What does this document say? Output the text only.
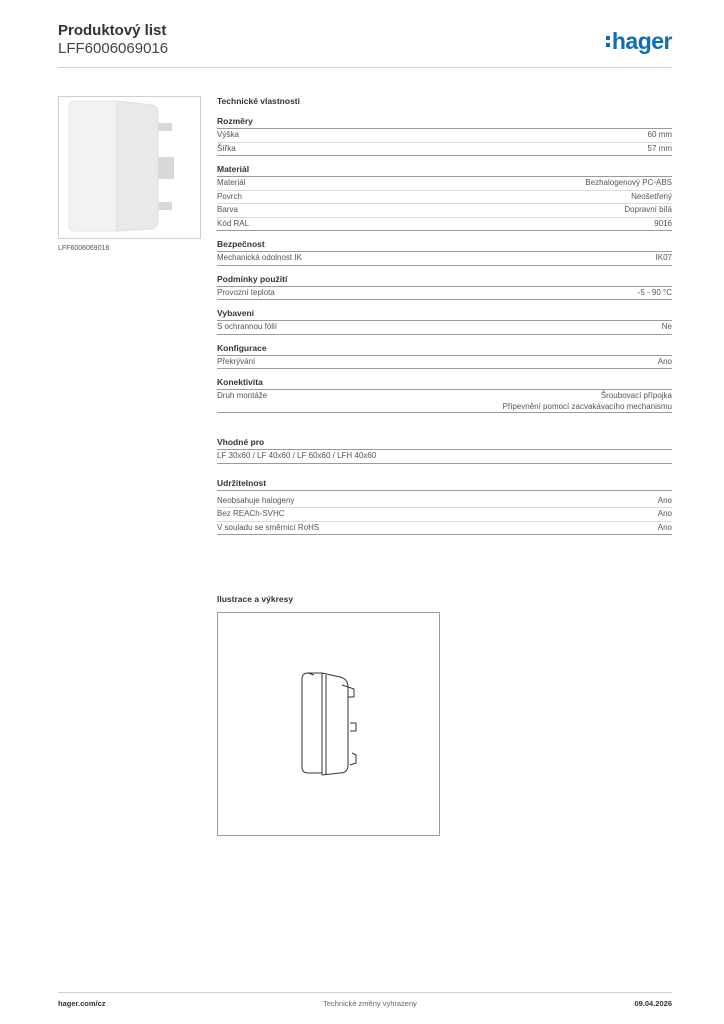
Produktový list
LFF6006069016	hager
LFF6006069016
Technické vlastnosti
Rozměry
Výška	60 mm
Šířka	57 mm
Materiál
Materiál	Bezhalogenový PC-ABS
Povrch	Neošetřený
Barva	Dopravní bílá
Kód RAL	9016
Bezpečnost
Mechanická odolnost IK	IK07
Podmínky použití
Provozní teplota	-5 - 90 °C
Vybavení
S ochrannou fólií	Ne
Konfigurace
Překrývání	Ano
Konektivita
Druh montáže	Šroubovací přípojka
Připevnění pomocí zacvakávacího mechanismu
Vhodné pro
LF 30x60 / LF 40x60 / LF 60x60 / LFH 40x60
Udržitelnost
Neobsahuje halogeny	Ano
Bez REACh-SVHC	Ano
V souladu se směrnicí RoHS	Ano
Ilustrace a výkresy
hager.com/cz	Technické změny vyhrazeny	09.04.2026
